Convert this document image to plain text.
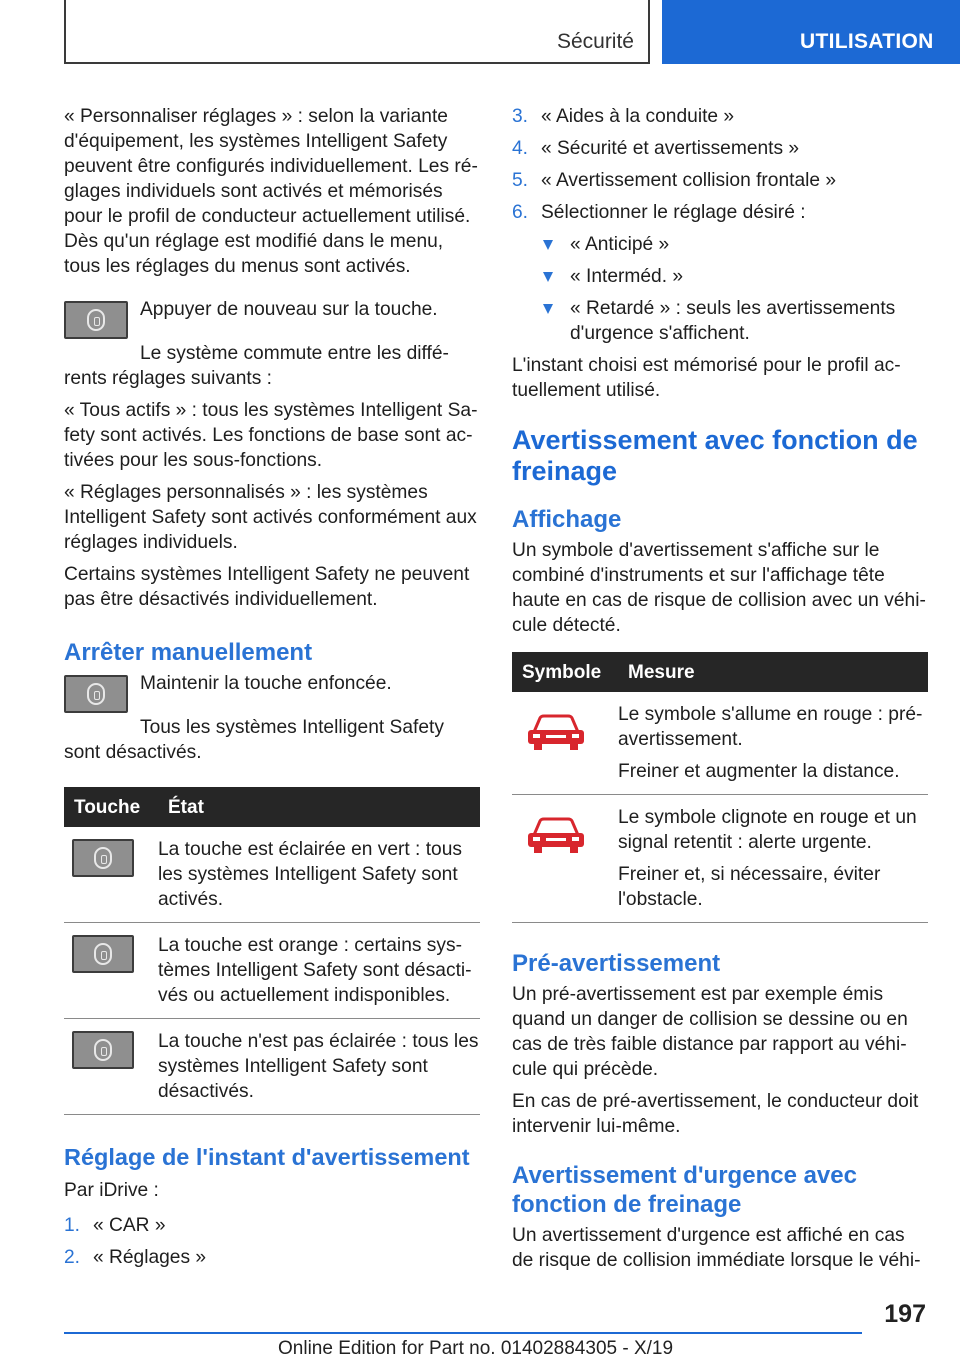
Sécurité	UTILISATION

« Personnaliser réglages » : selon la variante d'équipement, les systèmes Intelligent Safety peuvent être configurés individuellement. Les réglages individuels sont activés et mémorisés pour le profil de conducteur actuellement utilisé. Dès qu'un réglage est modifié dans le menu, tous les réglages du menus sont activés.

Appuyer de nouveau sur la touche.

Le système commute entre les différents réglages suivants :

« Tous actifs » : tous les systèmes Intelligent Safety sont activés. Les fonctions de base sont activées pour les sous-fonctions.

« Réglages personnalisés » : les systèmes Intelligent Safety sont activés conformément aux réglages individuels.

Certains systèmes Intelligent Safety ne peuvent pas être désactivés individuellement.

Arrêter manuellement

Maintenir la touche enfoncée.

Tous les systèmes Intelligent Safety sont désactivés.

Touche	État

	La touche est éclairée en vert : tous les systèmes Intelligent Safety sont activés.

	La touche est orange : certains systèmes Intelligent Safety sont désactivés ou actuellement indisponibles.

	La touche n'est pas éclairée : tous les systèmes Intelligent Safety sont désactivés.
Réglage de l'instant d'avertissement

Par iDrive :

1. « CAR »
2. « Réglages »
3. « Aides à la conduite »
4. « Sécurité et avertissements »
5. « Avertissement collision frontale »
6. Sélectionner le réglage désiré :
« Anticipé »
« Interméd. »
« Retardé » : seuls les avertissements d'urgence s'affichent.

L'instant choisi est mémorisé pour le profil actuellement utilisé.

Avertissement avec fonction de freinage
Affichage

Un symbole d'avertissement s'affiche sur le combiné d'instruments et sur l'affichage tête haute en cas de risque de collision avec un véhicule détecté.

Symbole	Mesure

Le symbole s'allume en rouge : pré-avertissement.
Freiner et augmenter la distance.

Le symbole clignote en rouge et un signal retentit : alerte urgente.
Freiner et, si nécessaire, éviter l'obstacle.
Pré-avertissement

Un pré-avertissement est par exemple émis quand un danger de collision se dessine ou en cas de très faible distance par rapport au véhicule qui précède.

En cas de pré-avertissement, le conducteur doit intervenir lui-même.

Avertissement d'urgence avec fonction de freinage

Un avertissement d'urgence est affiché en cas de risque de collision immédiate lorsque le véhi-

197
Online Edition for Part no. 01402884305 - X/19
